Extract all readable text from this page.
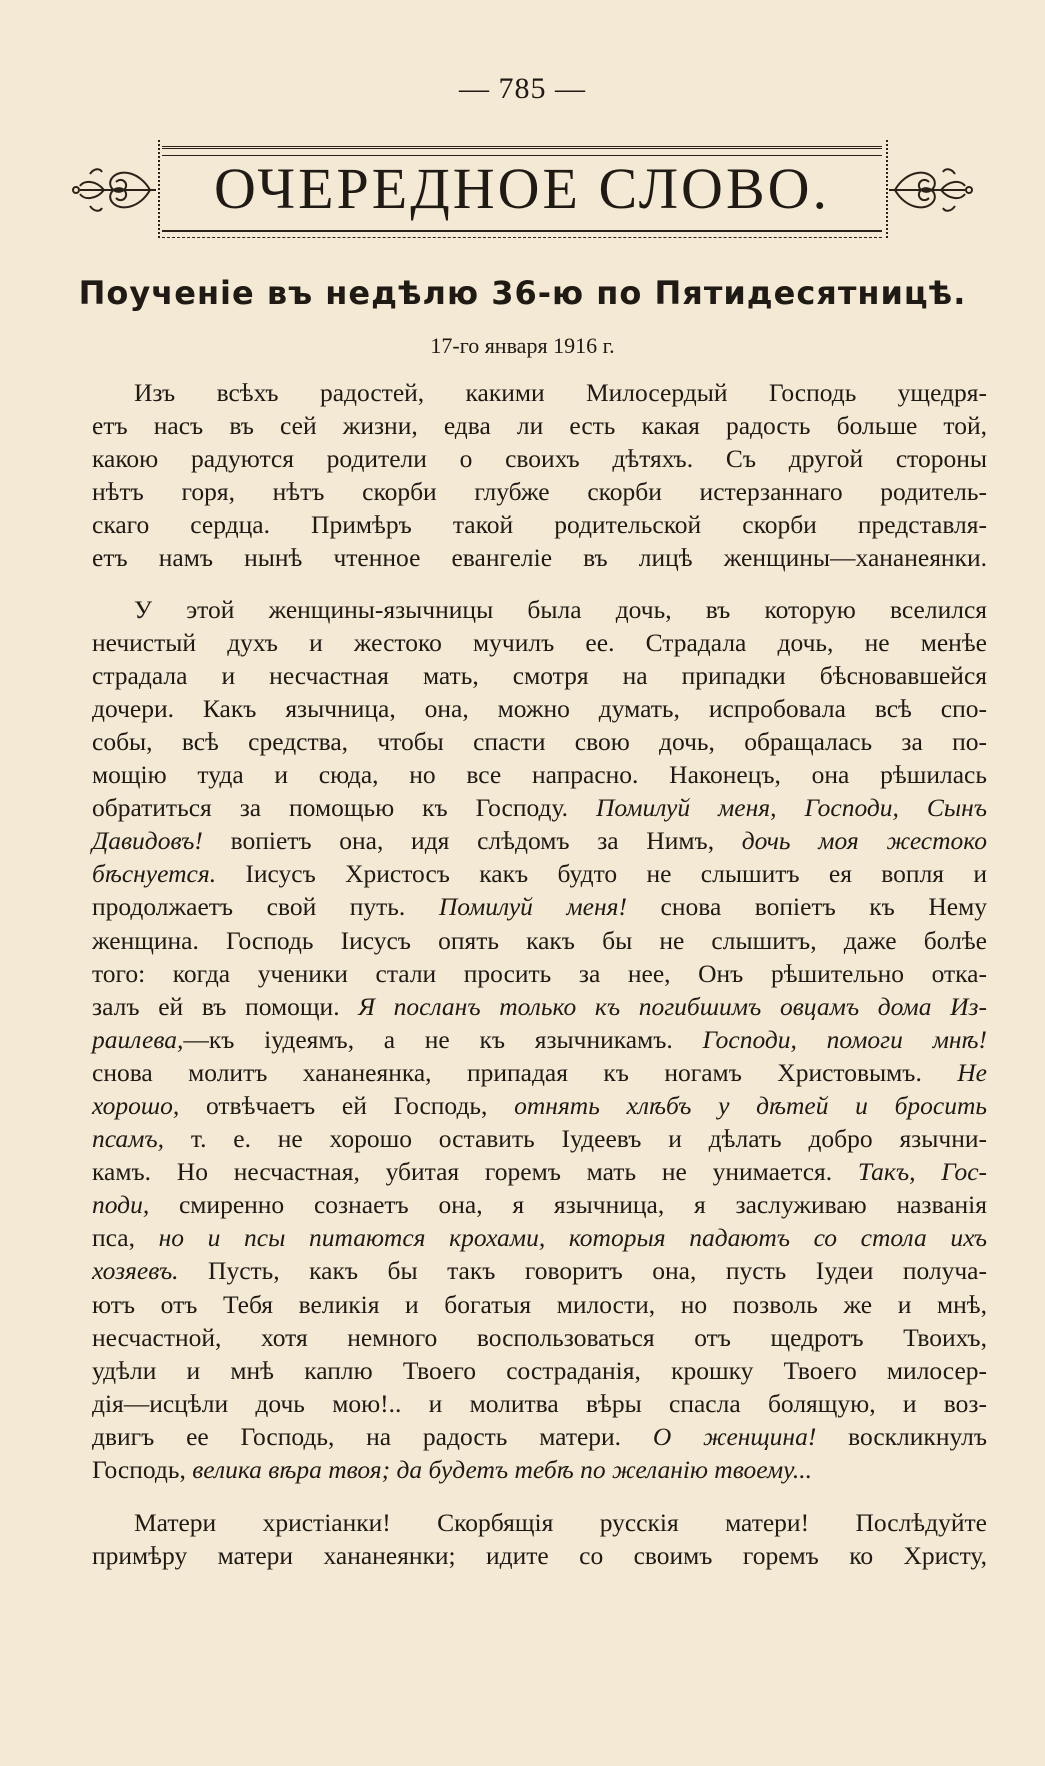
— 785 —
ОЧЕРЕДНОЕ СЛОВО.
Поученіе въ недѣлю 36-ю по Пятидесятницѣ.
17-го января 1916 г.

Изъ всѣхъ радостей, какими Милосердый Господь ущедря-
етъ насъ въ сей жизни, едва ли есть какая радость больше той,
какою радуются родители о своихъ дѣтяхъ. Съ другой стороны
нѣтъ горя, нѣтъ скорби глубже скорби истерзаннаго родитель-
скаго сердца. Примѣръ такой родительской скорби представля-
етъ намъ нынѣ чтенное евангеліе въ лицѣ женщины—хананеянки.

У этой женщины-язычницы была дочь, въ которую вселился
нечистый духъ и жестоко мучилъ ее. Страдала дочь, не менѣе
страдала и несчастная мать, смотря на припадки бѣсновавшейся
дочери. Какъ язычница, она, можно думать, испробовала всѣ спо-
собы, всѣ средства, чтобы спасти свою дочь, обращалась за по-
мощію туда и сюда, но все напрасно. Наконецъ, она рѣшилась
обратиться за помощью къ Господу. Помилуй меня, Господи, Сынъ
Давидовъ! вопіетъ она, идя слѣдомъ за Нимъ, дочь моя жестоко
бѣснуется. Іисусъ Христосъ какъ будто не слышитъ ея вопля и
продолжаетъ свой путь. Помилуй меня! снова вопіетъ къ Нему
женщина. Господь Іисусъ опять какъ бы не слышитъ, даже болѣе
того: когда ученики стали просить за нее, Онъ рѣшительно отка-
залъ ей въ помощи. Я посланъ только къ погибшимъ овцамъ дома Из-
раилева,—къ іудеямъ, а не къ язычникамъ. Господи, помоги мнѣ!
снова молитъ хананеянка, припадая къ ногамъ Христовымъ. Не
хорошо, отвѣчаетъ ей Господь, отнять хлѣбъ у дѣтей и бросить
псамъ, т. е. не хорошо оставить Іудеевъ и дѣлать добро язычни-
камъ. Но несчастная, убитая горемъ мать не унимается. Такъ, Гос-
поди, смиренно сознаетъ она, я язычница, я заслуживаю названія
пса, но и псы питаются крохами, которыя падаютъ со стола ихъ
хозяевъ. Пусть, какъ бы такъ говоритъ она, пусть Іудеи получа-
ютъ отъ Тебя великія и богатыя милости, но позволь же и мнѣ,
несчастной, хотя немного воспользоваться отъ щедротъ Твоихъ,
удѣли и мнѣ каплю Твоего состраданія, крошку Твоего милосер-
дія—исцѣли дочь мою!.. и молитва вѣры спасла болящую, и воз-
двигъ ее Господь, на радость матери. О женщина! воскликнулъ
Господь, велика вѣра твоя; да будетъ тебѣ по желанію твоему...

Матери христіанки! Скорбящія русскія матери! Послѣдуйте
примѣру матери хананеянки; идите со своимъ горемъ ко Христу,
